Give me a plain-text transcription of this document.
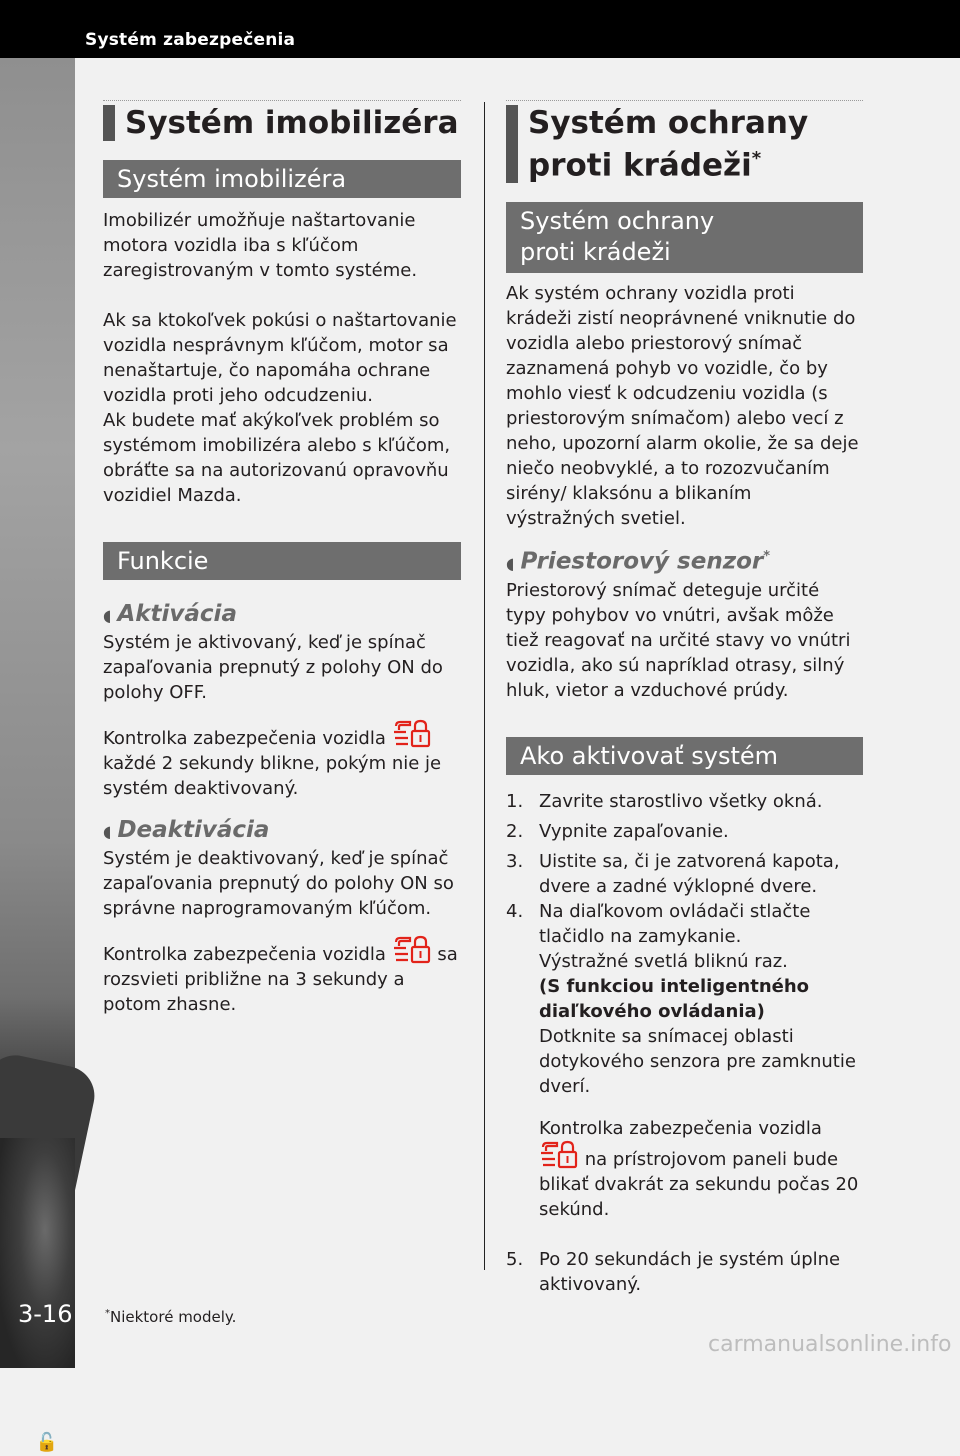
Systém zabezpečenia
🔓
3-16
Systém imobilizéra
Systém imobilizéra

Imobilizér umožňuje naštartovanie motora vozidla iba s kľúčom zaregistrovaným v tomto systéme.

Ak sa ktokoľvek pokúsi o naštartovanie vozidla nesprávnym kľúčom, motor sa nenaštartuje, čo napomáha ochrane vozidla proti jeho odcudzeniu.

Ak budete mať akýkoľvek problém so systémom imobilizéra alebo s kľúčom, obráťte sa na autorizovanú opravovňu vozidiel Mazda.

Funkcie
◖ Aktivácia

Systém je aktivovaný, keď je spínač zapaľovania prepnutý z polohy ON do polohy OFF.

Kontrolka zabezpečenia vozidla
každé 2 sekundy blikne, pokým nie je systém deaktivovaný.

◖ Deaktivácia

Systém je deaktivovaný, keď je spínač zapaľovania prepnutý do polohy ON so správne naprogramovaným kľúčom.

Kontrolka zabezpečenia vozidla	sa
rozsvieti približne na 3 sekundy a potom zhasne.

Systém ochrany
proti krádeži*
Systém ochrany
proti krádeži

Ak systém ochrany vozidla proti krádeži zistí neoprávnené vniknutie do vozidla alebo priestorový snímač zaznamená pohyb vo vozidle, čo by mohlo viesť k odcudzeniu vozidla (s priestorovým snímačom) alebo vecí z neho, upozorní alarm okolie, že sa deje niečo neobvyklé, a to rozozvučaním sirény/ klaksónu a blikaním výstražných svetiel.

◖ Priestorový senzor*

Priestorový snímač deteguje určité typy pohybov vo vnútri, avšak môže tiež reagovať na určité stavy vo vnútri vozidla, ako sú napríklad otrasy, silný hluk, vietor a vzduchové prúdy.

Ako aktivovať systém
1. Zavrite starostlivo všetky okná.
2. Vypnite zapaľovanie.
3. Uistite sa, či je zatvorená kapota, dvere a zadné výklopné dvere.
4. Na diaľkovom ovládači stlačte tlačidlo na zamykanie.
Výstražné svetlá bliknú raz.
(S funkciou inteligentného diaľkového ovládania)
Dotknite sa snímacej oblasti dotykového senzora pre zamknutie dverí.
Kontrolka zabezpečenia vozidla
na prístrojovom paneli bude blikať dvakrát za sekundu počas 20 sekúnd.
5. Po 20 sekundách je systém úplne aktivovaný.
*Niektoré modely.
carmanualsonline.info
